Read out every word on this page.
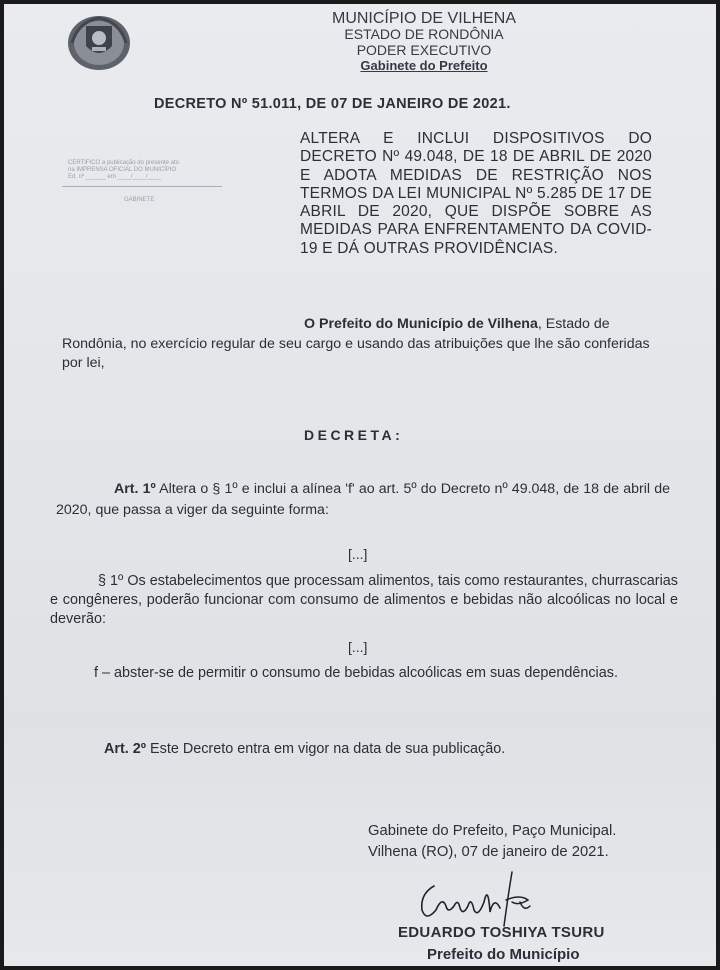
MUNICÍPIO DE VILHENA
ESTADO DE RONDÔNIA
PODER EXECUTIVO
Gabinete do Prefeito
DECRETO Nº 51.011, DE 07 DE JANEIRO DE 2021.
CERTIFICO a publicação do presente ato
na IMPRENSA OFICIAL DO MUNICÍPIO
Ed. nº ______ em ____/____/____
GABINETE
ALTERA E INCLUI DISPOSITIVOS DO DECRETO Nº 49.048, DE 18 DE ABRIL DE 2020 E ADOTA MEDIDAS DE RESTRIÇÃO NOS TERMOS DA LEI MUNICIPAL Nº 5.285 DE 17 DE ABRIL DE 2020, QUE DISPÕE SOBRE AS MEDIDAS PARA ENFRENTAMENTO DA COVID-19 E DÁ OUTRAS PROVIDÊNCIAS.
O Prefeito do Município de Vilhena, Estado de Rondônia, no exercício regular de seu cargo e usando das atribuições que lhe são conferidas por lei,
DECRETA:
Art. 1º Altera o § 1º e inclui a alínea 'f' ao art. 5º do Decreto nº 49.048, de 18 de abril de 2020, que passa a viger da seguinte forma:
[...]
§ 1º Os estabelecimentos que processam alimentos, tais como restaurantes, churrascarias e congêneres, poderão funcionar com consumo de alimentos e bebidas não alcoólicas no local e deverão:
[...]
f – abster-se de permitir o consumo de bebidas alcoólicas em suas dependências.
Art. 2º Este Decreto entra em vigor na data de sua publicação.
Gabinete do Prefeito, Paço Municipal.
Vilhena (RO), 07 de janeiro de 2021.
EDUARDO TOSHIYA TSURU
Prefeito do Município
